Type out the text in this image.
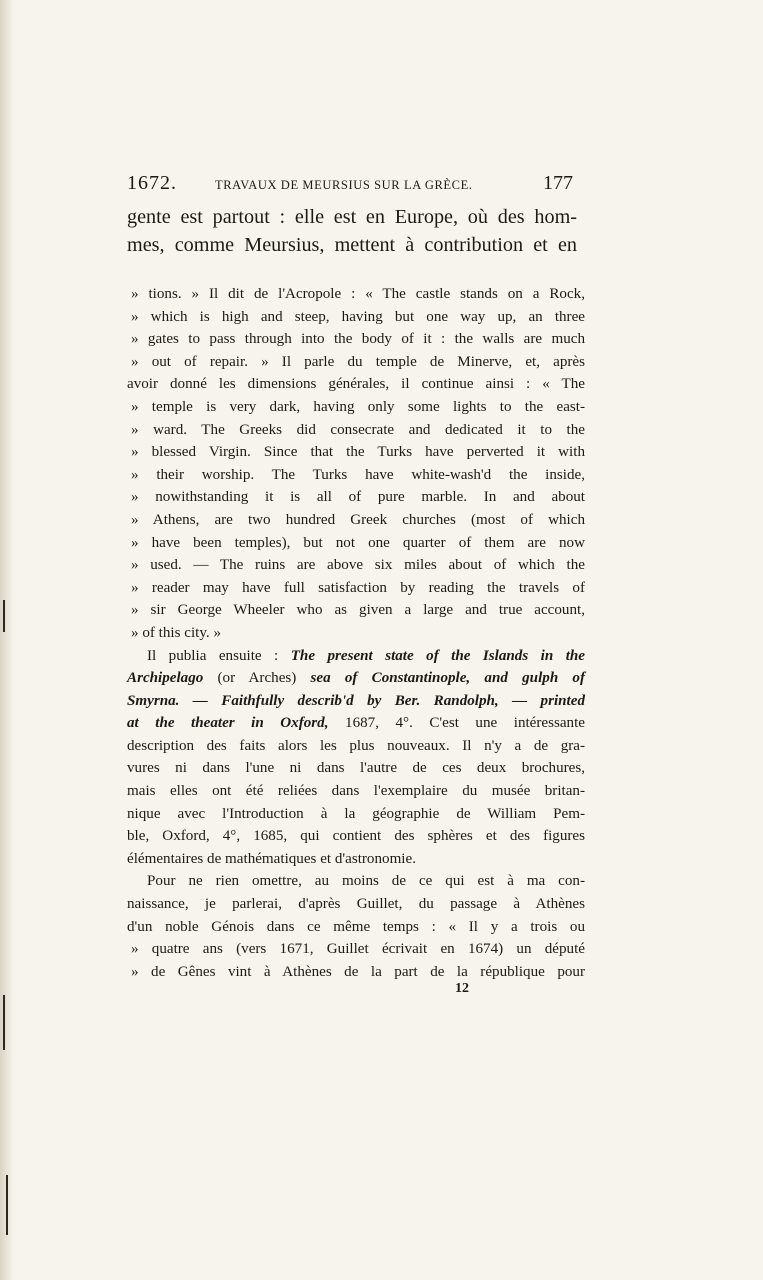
1672.	TRAVAUX DE MEURSIUS SUR LA GRÈCE.	177
gente est partout : elle est en Europe, où des hom-
mes, comme Meursius, mettent à contribution et en
» tions. » Il dit de l'Acropole : « The castle stands on a Rock,
» which is high and steep, having but one way up, an three
» gates to pass through into the body of it : the walls are much
» out of repair. » Il parle du temple de Minerve, et, après
avoir donné les dimensions générales, il continue ainsi : « The
» temple is very dark, having only some lights to the east-
» ward. The Greeks did consecrate and dedicated it to the
» blessed Virgin. Since that the Turks have perverted it with
» their worship. The Turks have white-wash'd the inside,
» nowithstanding it is all of pure marble. In and about
» Athens, are two hundred Greek churches (most of which
» have been temples), but not one quarter of them are now
» used. — The ruins are above six miles about of which the
» reader may have full satisfaction by reading the travels of
» sir George Wheeler who as given a large and true account,
» of this city. »
Il publia ensuite : The present state of the Islands in the
Archipelago (or Arches) sea of Constantinople, and gulph of
Smyrna. — Faithfully describ'd by Ber. Randolph, — printed
at the theater in Oxford, 1687, 4°. C'est une intéressante
description des faits alors les plus nouveaux. Il n'y a de gra-
vures ni dans l'une ni dans l'autre de ces deux brochures,
mais elles ont été reliées dans l'exemplaire du musée britan-
nique avec l'Introduction à la géographie de William Pem-
ble, Oxford, 4°, 1685, qui contient des sphères et des figures
élémentaires de mathématiques et d'astronomie.
Pour ne rien omettre, au moins de ce qui est à ma con-
naissance, je parlerai, d'après Guillet, du passage à Athènes
d'un noble Génois dans ce même temps : « Il y a trois ou
» quatre ans (vers 1671, Guillet écrivait en 1674) un député
» de Gênes vint à Athènes de la part de la république pour
12
